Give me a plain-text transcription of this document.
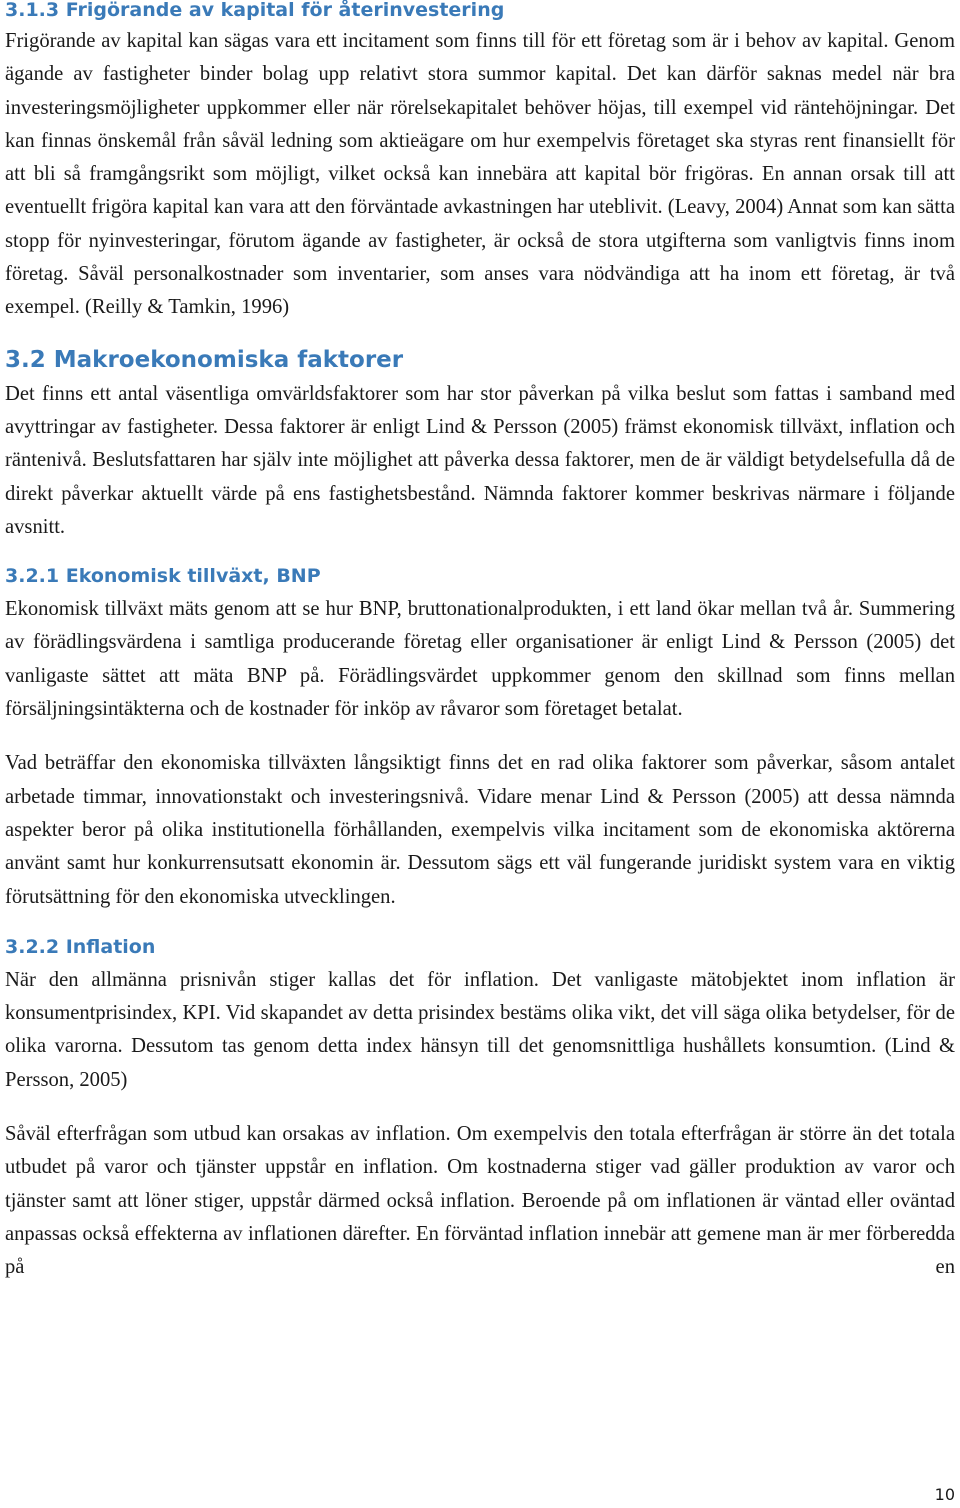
3.1.3 Frigörande av kapital för återinvestering

Frigörande av kapital kan sägas vara ett incitament som finns till för ett företag som är i behov av kapital. Genom ägande av fastigheter binder bolag upp relativt stora summor kapital. Det kan därför saknas medel när bra investeringsmöjligheter uppkommer eller när rörelsekapitalet behöver höjas, till exempel vid räntehöjningar. Det kan finnas önskemål från såväl ledning som aktieägare om hur exempelvis företaget ska styras rent finansiellt för att bli så framgångsrikt som möjligt, vilket också kan innebära att kapital bör frigöras. En annan orsak till att eventuellt frigöra kapital kan vara att den förväntade avkastningen har uteblivit. (Leavy, 2004) Annat som kan sätta stopp för nyinvesteringar, förutom ägande av fastigheter, är också de stora utgifterna som vanligtvis finns inom företag. Såväl personalkostnader som inventarier, som anses vara nödvändiga att ha inom ett företag, är två exempel. (Reilly & Tamkin, 1996)

3.2 Makroekonomiska faktorer

Det finns ett antal väsentliga omvärldsfaktorer som har stor påverkan på vilka beslut som fattas i samband med avyttringar av fastigheter. Dessa faktorer är enligt Lind & Persson (2005) främst ekonomisk tillväxt, inflation och räntenivå. Beslutsfattaren har själv inte möjlighet att påverka dessa faktorer, men de är väldigt betydelsefulla då de direkt påverkar aktuellt värde på ens fastighetsbestånd. Nämnda faktorer kommer beskrivas närmare i följande avsnitt.

3.2.1 Ekonomisk tillväxt, BNP

Ekonomisk tillväxt mäts genom att se hur BNP, bruttonationalprodukten, i ett land ökar mellan två år. Summering av förädlingsvärdena i samtliga producerande företag eller organisationer är enligt Lind & Persson (2005) det vanligaste sättet att mäta BNP på. Förädlingsvärdet uppkommer genom den skillnad som finns mellan försäljningsintäkterna och de kostnader för inköp av råvaror som företaget betalat.

Vad beträffar den ekonomiska tillväxten långsiktigt finns det en rad olika faktorer som påverkar, såsom antalet arbetade timmar, innovationstakt och investeringsnivå. Vidare menar Lind & Persson (2005) att dessa nämnda aspekter beror på olika institutionella förhållanden, exempelvis vilka incitament som de ekonomiska aktörerna använt samt hur konkurrensutsatt ekonomin är. Dessutom sägs ett väl fungerande juridiskt system vara en viktig förutsättning för den ekonomiska utvecklingen.

3.2.2 Inflation

När den allmänna prisnivån stiger kallas det för inflation. Det vanligaste mätobjektet inom inflation är konsumentprisindex, KPI. Vid skapandet av detta prisindex bestäms olika vikt, det vill säga olika betydelser, för de olika varorna. Dessutom tas genom detta index hänsyn till det genomsnittliga hushållets konsumtion. (Lind & Persson, 2005)

Såväl efterfrågan som utbud kan orsakas av inflation. Om exempelvis den totala efterfrågan är större än det totala utbudet på varor och tjänster uppstår en inflation. Om kostnaderna stiger vad gäller produktion av varor och tjänster samt att löner stiger, uppstår därmed också inflation. Beroende på om inflationen är väntad eller oväntad anpassas också effekterna av inflationen därefter. En förväntad inflation innebär att gemene man är mer förberedda på en

10
